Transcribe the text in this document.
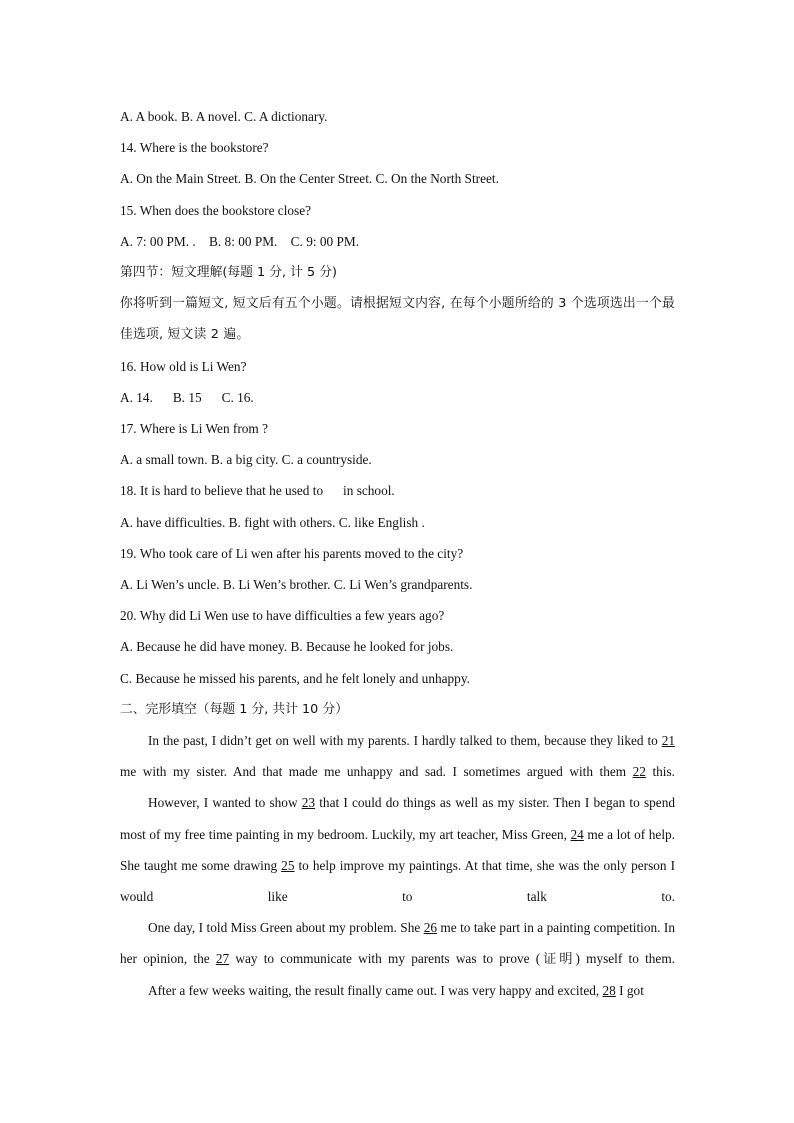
A. A book. B. A novel. C. A dictionary.
14. Where is the bookstore?
A. On the Main Street. B. On the Center Street. C. On the North Street.
15. When does the bookstore close?
A. 7: 00 PM. .    B. 8: 00 PM.    C. 9: 00 PM.
第四节：短文理解(每题 1 分, 计 5 分)
你将听到一篇短文, 短文后有五个小题。请根据短文内容, 在每个小题所给的 3 个选项选出一个最佳选项, 短文读 2 遍。
16. How old is Li Wen?
A. 14.      B. 15      C. 16.
17. Where is Li Wen from ?
A. a small town. B. a big city. C. a countryside.
18. It is hard to believe that he used to      in school.
A. have difficulties. B. fight with others. C. like English .
19. Who took care of Li wen after his parents moved to the city?
A. Li Wen’s uncle. B. Li Wen’s brother. C. Li Wen’s grandparents.
20. Why did Li Wen use to have difficulties a few years ago?
A. Because he did have money. B. Because he looked for jobs.
C. Because he missed his parents, and he felt lonely and unhappy.
二、完形填空（每题 1 分, 共计 10 分）
In the past, I didn’t get on well with my parents. I hardly talked to them, because they liked to 21 me with my sister. And that made me unhappy and sad. I sometimes argued with them 22 this.
However, I wanted to show 23 that I could do things as well as my sister. Then I began to spend most of my free time painting in my bedroom. Luckily, my art teacher, Miss Green, 24 me a lot of help. She taught me some drawing 25 to help improve my paintings. At that time, she was the only person I would like to talk to.
One day, I told Miss Green about my problem. She 26 me to take part in a painting competition. In her opinion, the 27 way to communicate with my parents was to prove (证明) myself to them.
After a few weeks waiting, the result finally came out. I was very happy and excited, 28 I got
